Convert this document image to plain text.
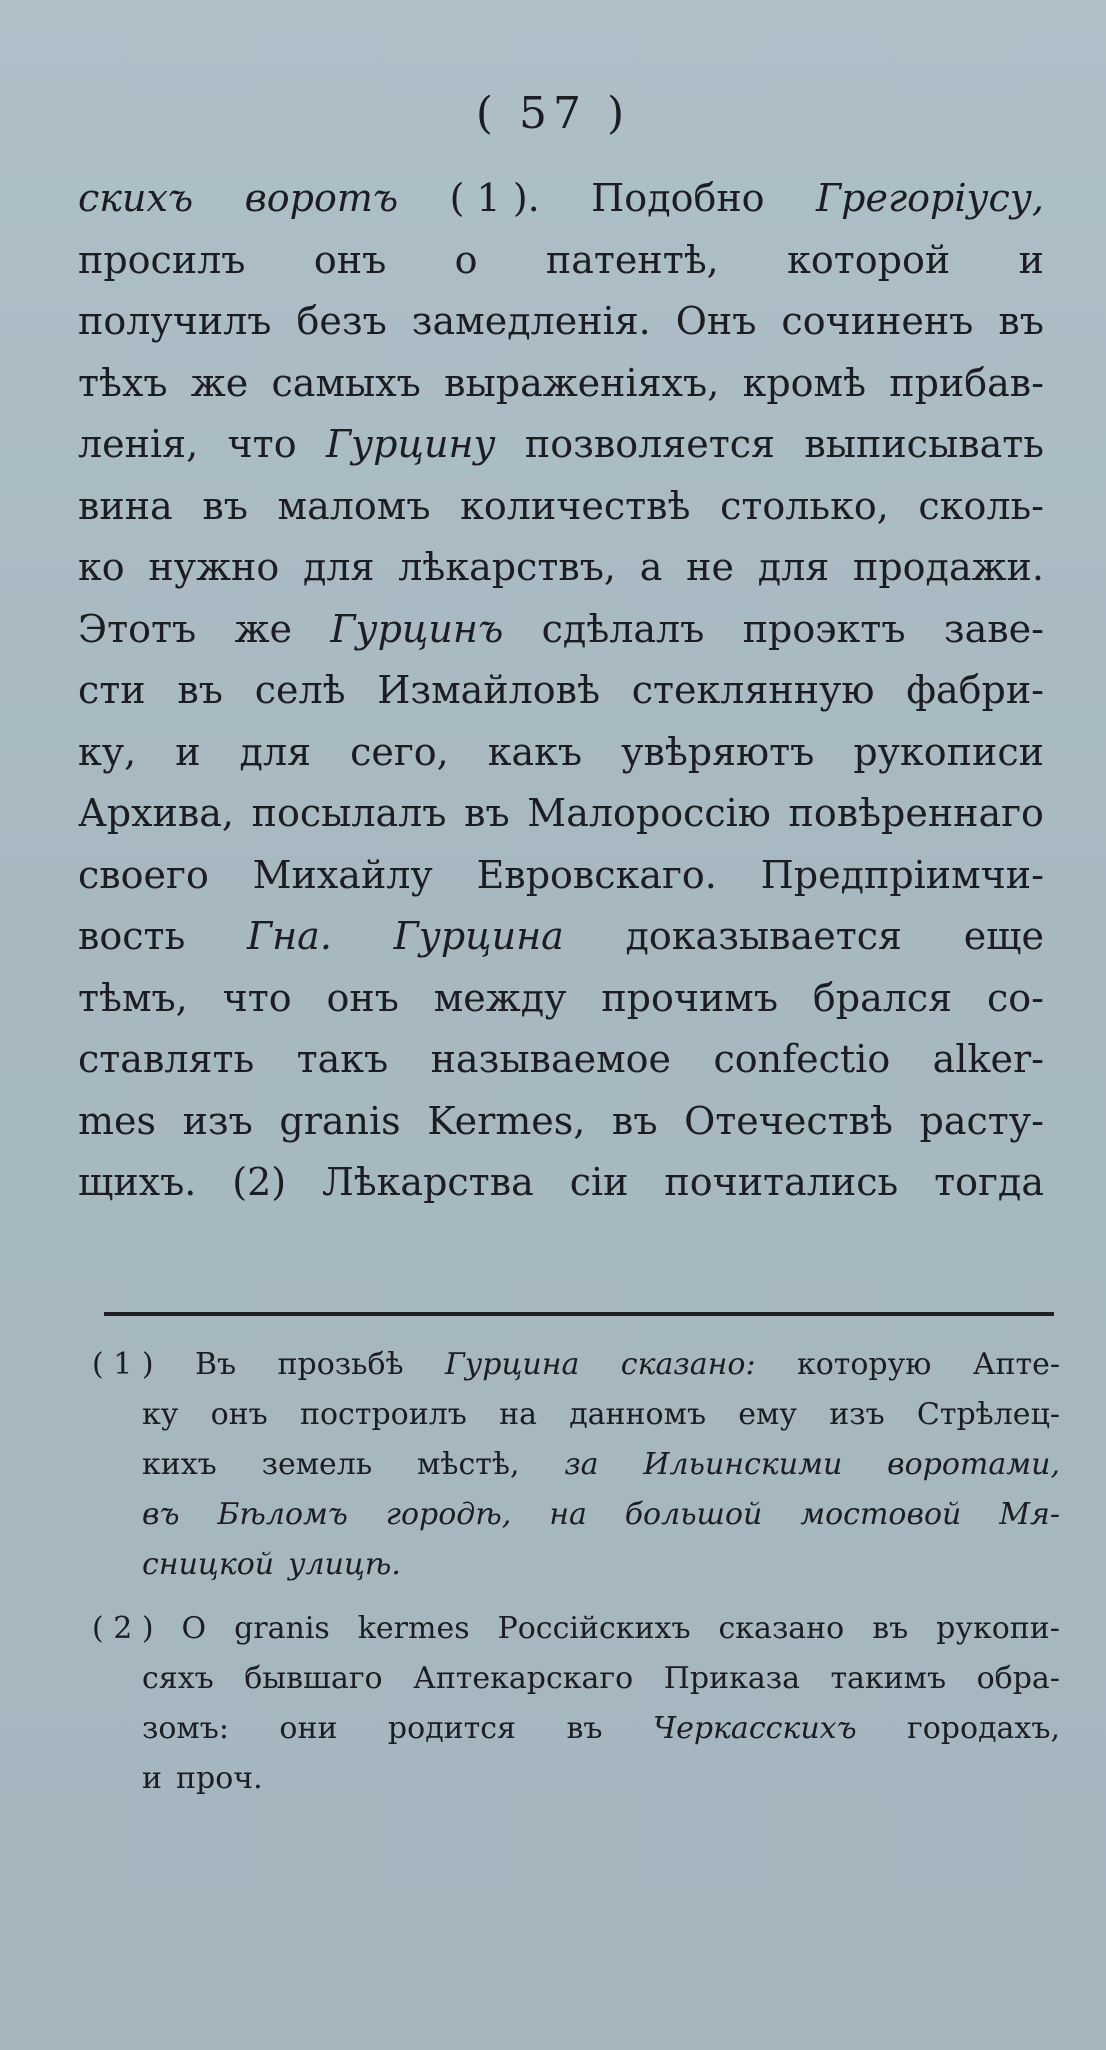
( 57 )
скихъ воротъ ( 1 ). Подобно Грегоріусу,
просилъ онъ о патентѣ, которой и
получилъ безъ замедленія. Онъ сочиненъ въ
тѣхъ же самыхъ выраженіяхъ, кромѣ прибав-
ленія, что Гурцину позволяется выписывать
вина въ маломъ количествѣ столько, сколь-
ко нужно для лѣкарствъ, а не для продажи.
Этотъ же Гурцинъ сдѣлалъ проэктъ заве-
сти въ селѣ Измайловѣ стеклянную фабри-
ку, и для сего, какъ увѣряютъ рукописи
Архива, посылалъ въ Малороссію повѣреннаго
своего Михайлу Евровскаго. Предпріимчи-
вость Гна. Гурцина доказывается еще
тѣмъ, что онъ между прочимъ брался со-
ставлять такъ называемое confectio alker-
mes изъ granis Kermes, въ Отечествѣ расту-
щихъ. (2) Лѣкарства сіи почитались тогда
( 1 ) Въ прозьбѣ Гурцина сказано: которую Апте-
ку онъ построилъ на данномъ ему изъ Стрѣлец-
кихъ земель мѣстѣ, за Ильинскими воротами,
въ Бѣломъ городѣ, на большой мостовой Мя-
сницкой улицѣ.
( 2 ) О granis kermes Россійскихъ сказано въ рукопи-
сяхъ бывшаго Аптекарскаго Приказа такимъ обра-
зомъ: они родится въ Черкасскихъ городахъ,
и проч.
